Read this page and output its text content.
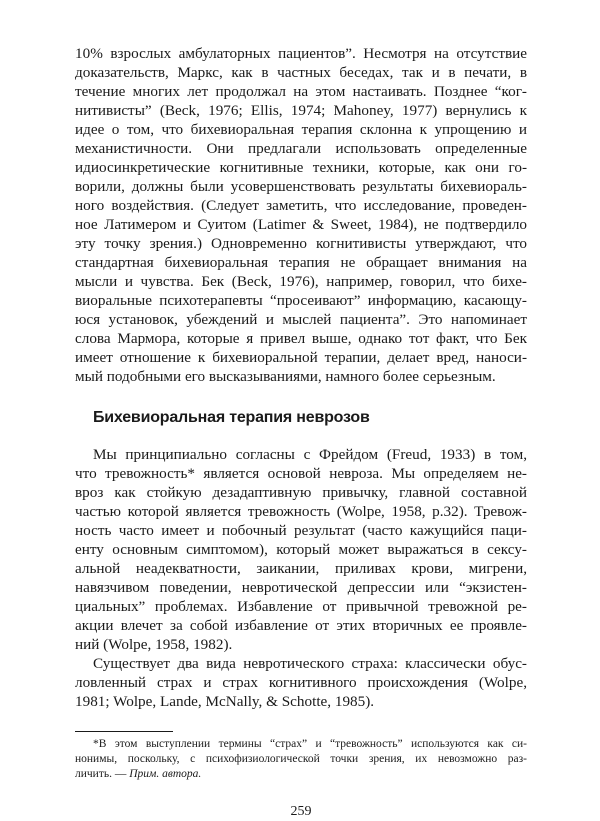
10% взрослых амбулаторных пациентов”. Несмотря на отсутствие
доказательств, Маркс, как в частных беседах, так и в печати, в
течение многих лет продолжал на этом настаивать. Позднее “ког-
нитивисты” (Beck, 1976; Ellis, 1974; Mahoney, 1977) вернулись к
идее о том, что бихевиоральная терапия склонна к упрощению и
механистичности. Они предлагали использовать определенные
идиосинкретические когнитивные техники, которые, как они го-
ворили, должны были усовершенствовать результаты бихевиораль-
ного воздействия. (Следует заметить, что исследование, проведен-
ное Латимером и Суитом (Latimer & Sweet, 1984), не подтвердило
эту точку зрения.) Одновременно когнитивисты утверждают, что
стандартная бихевиоральная терапия не обращает внимания на
мысли и чувства. Бек (Beck, 1976), например, говорил, что бихе-
виоральные психотерапевты “просеивают” информацию, касающу-
юся установок, убеждений и мыслей пациента”. Это напоминает
слова Мармора, которые я привел выше, однако тот факт, что Бек
имеет отношение к бихевиоральной терапии, делает вред, наноси-
мый подобными его высказываниями, намного более серьезным.
Бихевиоральная терапия неврозов
Мы принципиально согласны с Фрейдом (Freud, 1933) в том,
что тревожность* является основой невроза. Мы определяем не-
вроз как стойкую дезадаптивную привычку, главной составной
частью которой является тревожность (Wolpe, 1958, p.32). Тревож-
ность часто имеет и побочный результат (часто кажущийся паци-
енту основным симптомом), который может выражаться в сексу-
альной неадекватности, заикании, приливах крови, мигрени,
навязчивом поведении, невротической депрессии или “экзистен-
циальных” проблемах. Избавление от привычной тревожной ре-
акции влечет за собой избавление от этих вторичных ее проявле-
ний (Wolpe, 1958, 1982).
Существует два вида невротического страха: классически обус-
ловленный страх и страх когнитивного происхождения (Wolpe,
1981; Wolpe, Lande, McNally, & Schotte, 1985).
*В этом выступлении термины “страх” и “тревожность” используются как си-
нонимы, поскольку, с психофизиологической точки зрения, их невозможно раз-
личить. — Прим. автора.
259
